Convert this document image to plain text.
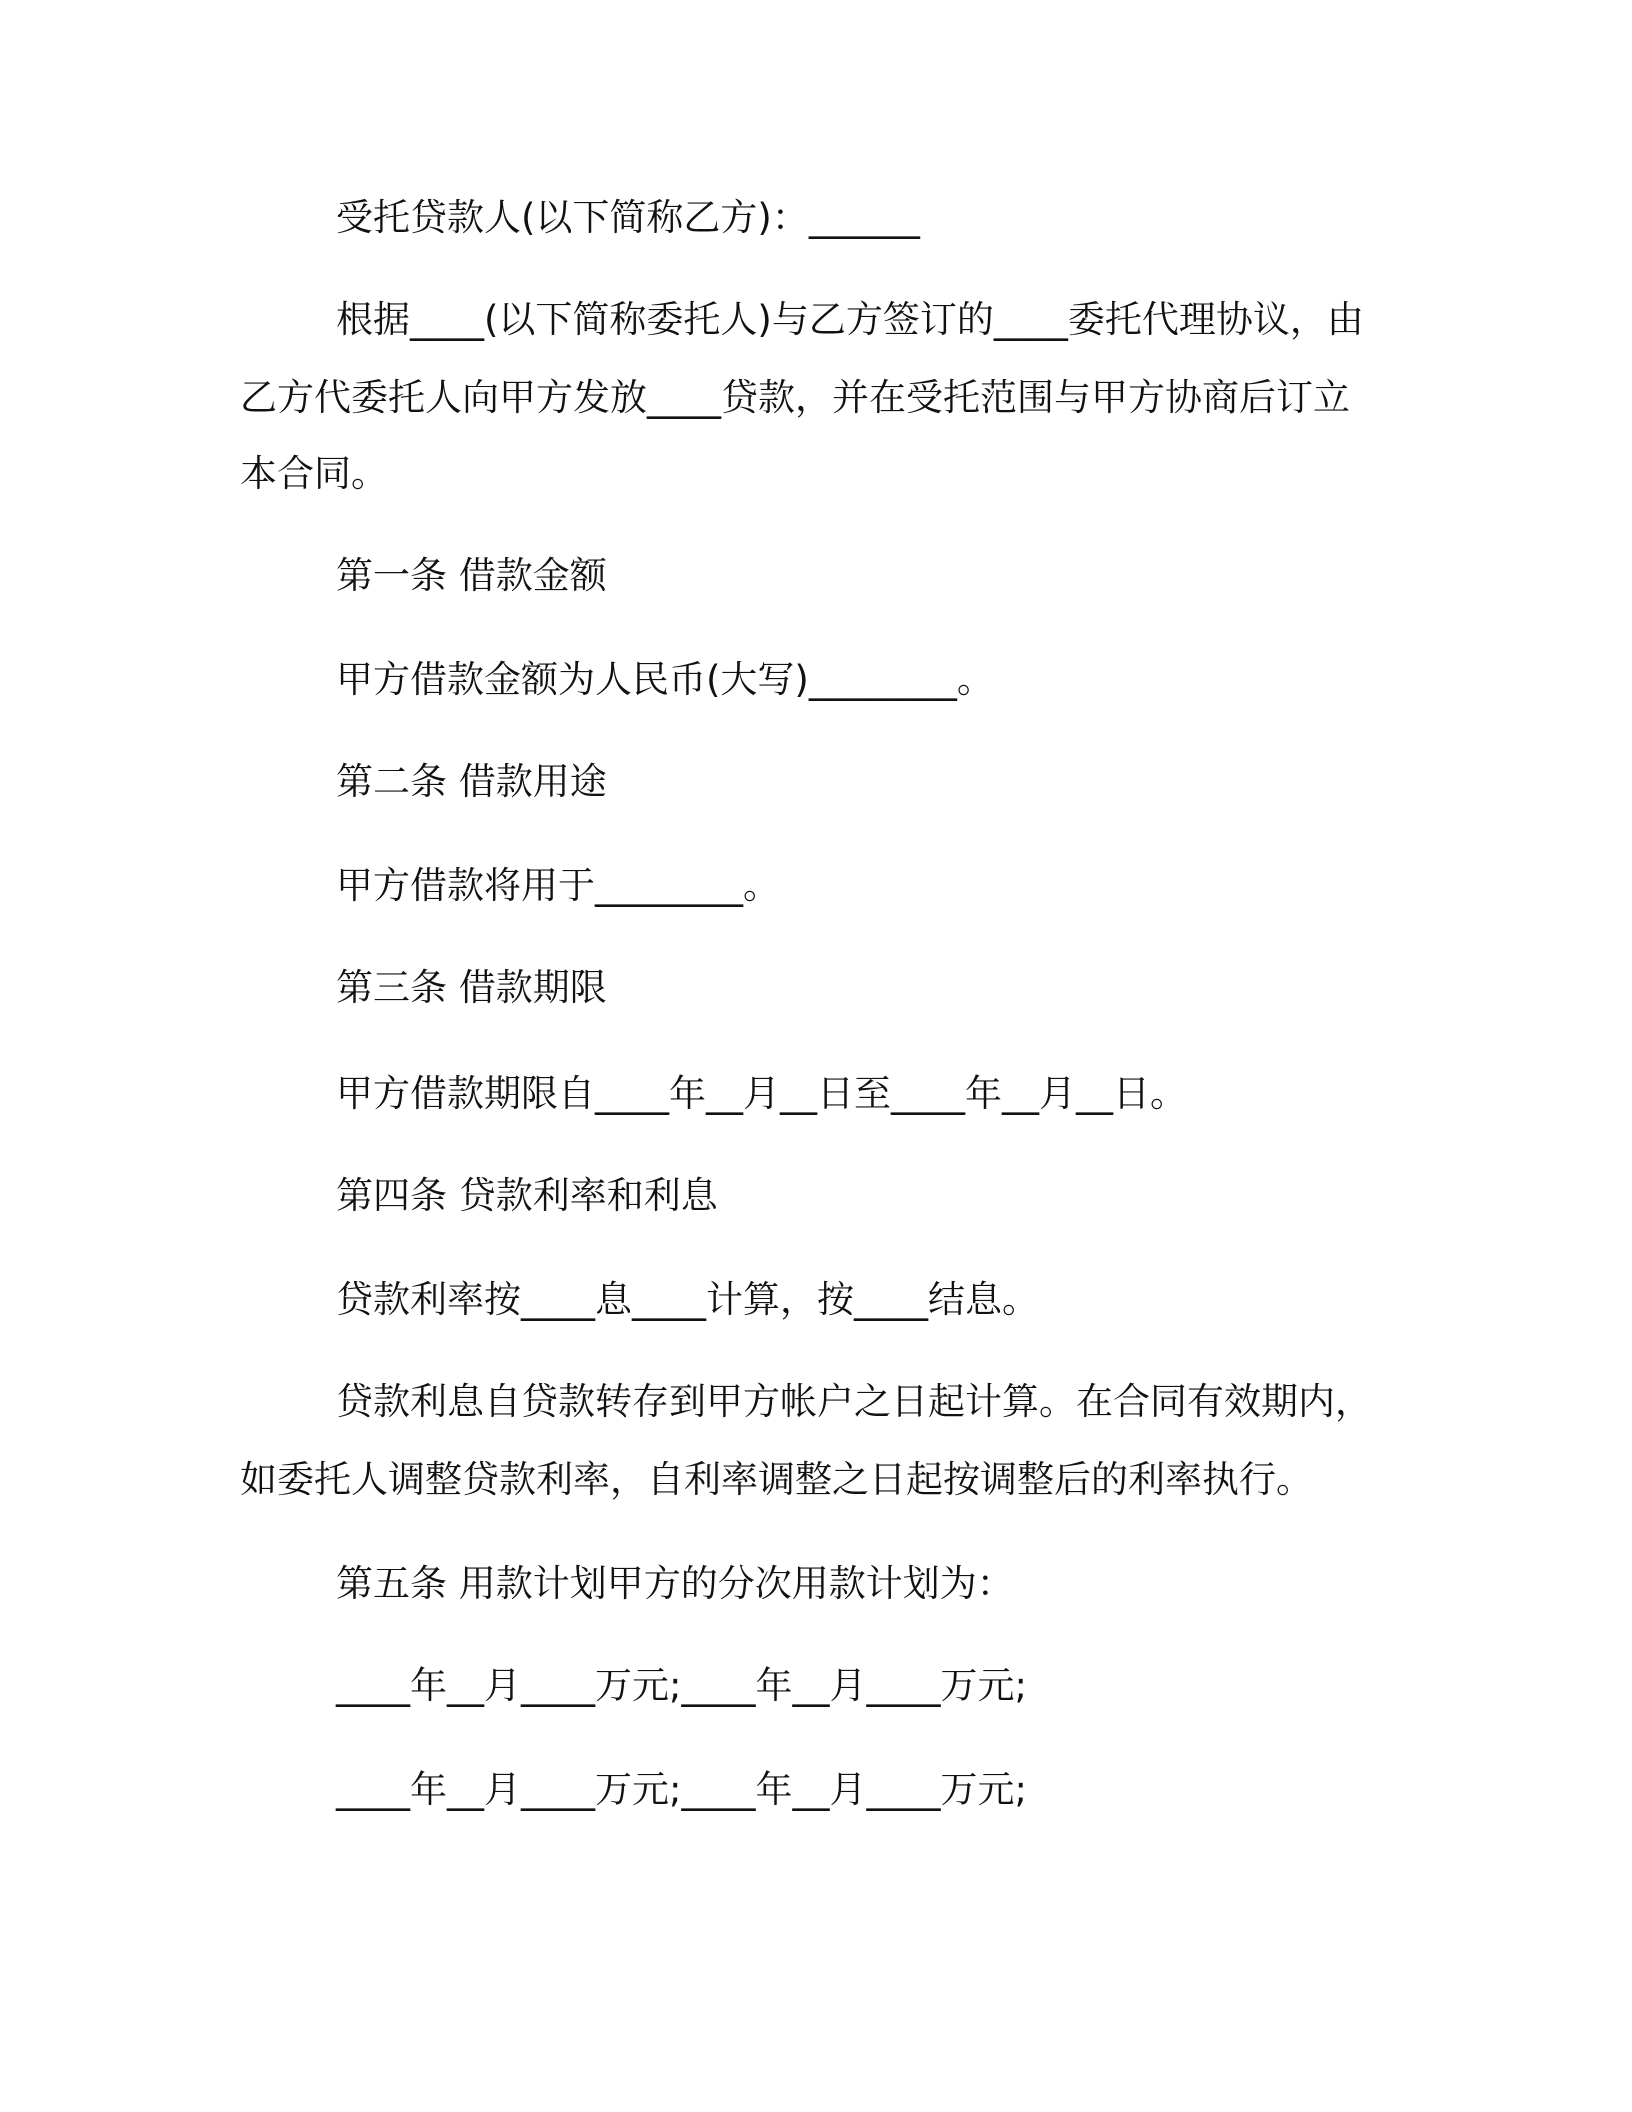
受托贷款人(以下简称乙方)：______
根据____(以下简称委托人)与乙方签订的____委托代理协议，由
乙方代委托人向甲方发放____贷款，并在受托范围与甲方协商后订立
本合同。
第一条 借款金额
甲方借款金额为人民币(大写)________。
第二条 借款用途
甲方借款将用于________。
第三条 借款期限
甲方借款期限自____年__月__日至____年__月__日。
第四条 贷款利率和利息
贷款利率按____息____计算，按____结息。
贷款利息自贷款转存到甲方帐户之日起计算。在合同有效期内，
如委托人调整贷款利率，自利率调整之日起按调整后的利率执行。
第五条 用款计划甲方的分次用款计划为：
____年__月____万元;____年__月____万元;
____年__月____万元;____年__月____万元;
